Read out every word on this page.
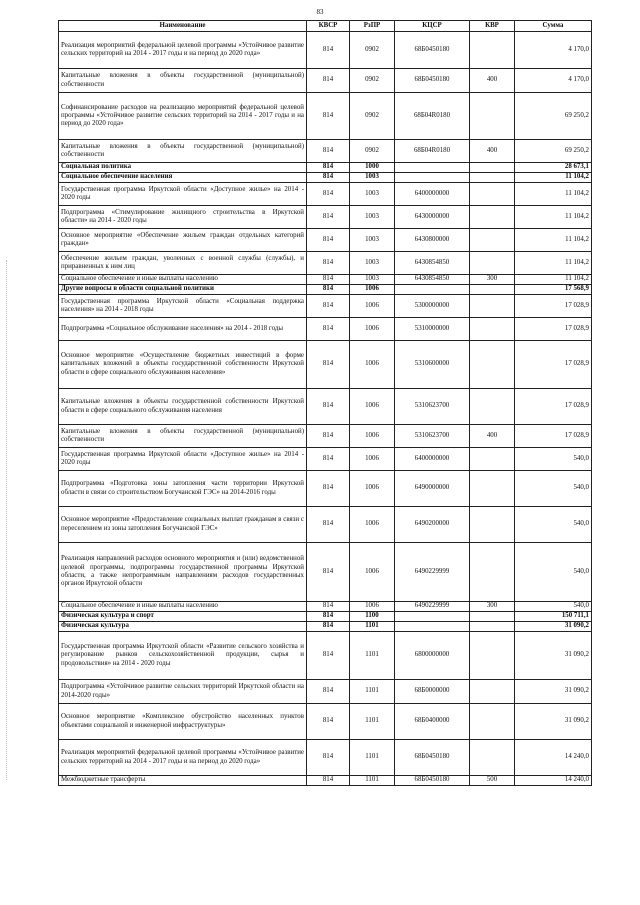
83
Наименование	КВСР	РзПР	КЦСР	КВР	Сумма
Реализация мероприятий федеральной целевой программы «Устойчивое развитие сельских территорий на 2014 - 2017 годы и на период до 2020 года»	814	0902	68Б0450180		4 170,0
Капитальные вложения в объекты государственной (муниципальной) собственности	814	0902	68Б0450180	400	4 170,0
Софинансирование расходов на реализацию мероприятий федеральной целевой программы «Устойчивое развитие сельских территорий на 2014 - 2017 годы и на период до 2020 года»	814	0902	68Б04R0180		69 250,2
Капитальные вложения в объекты государственной (муниципальной) собственности	814	0902	68Б04R0180	400	69 250,2
Социальная политика	814	1000			28 673,1
Социальное обеспечение населения	814	1003			11 104,2
Государственная программа Иркутской области «Доступное жилье» на 2014 - 2020 годы	814	1003	6400000000		11 104,2
Подпрограмма «Стимулирование жилищного строительства в Иркутской области» на 2014 - 2020 годы	814	1003	6430000000		11 104,2
Основное мероприятие «Обеспечение жильем граждан отдельных категорий граждан»	814	1003	6430800000		11 104,2
Обеспечение жильем граждан, уволенных с военной службы (службы), и приравненных к ним лиц	814	1003	6430854850		11 104,2
Социальное обеспечение и иные выплаты населению	814	1003	6430854850	300	11 104,2
Другие вопросы в области социальной политики	814	1006			17 568,9
Государственная программа Иркутской области «Социальная поддержка населения» на 2014 - 2018 годы	814	1006	5300000000		17 028,9
Подпрограмма «Социальное обслуживание населения» на 2014 - 2018 годы	814	1006	5310000000		17 028,9
Основное мероприятие «Осуществление бюджетных инвестиций в форме капитальных вложений в объекты государственной собственности Иркутской области в сфере социального обслуживания населения»	814	1006	5310600000		17 028,9
Капитальные вложения в объекты государственной собственности Иркутской области в сфере социального обслуживания населения	814	1006	5310623700		17 028,9
Капитальные вложения в объекты государственной (муниципальной) собственности	814	1006	5310623700	400	17 028,9
Государственная программа Иркутской области «Доступное жилье» на 2014 - 2020 годы	814	1006	6400000000		540,0
Подпрограмма «Подготовка зоны затопления части территории Иркутской области в связи со строительством Богучанской ГЭС» на 2014-2016 годы	814	1006	6490000000		540,0
Основное мероприятие «Предоставление социальных выплат гражданам в связи с переселением из зоны затопления Богучанской ГЭС»	814	1006	6490200000		540,0
Реализация направлений расходов основного мероприятия и (или) ведомственной целевой программы, подпрограммы государственной программы Иркутской области, а также непрограммным направлениям расходов государственных органов Иркутской области	814	1006	6490229999		540,0
Социальное обеспечение и иные выплаты населению	814	1006	6490229999	300	540,0
Физическая культура и спорт	814	1100			150 711,1
Физическая культура	814	1101			31 090,2
Государственная программа Иркутской области «Развитие сельского хозяйства и регулирование рынков сельскохозяйственной продукции, сырья и продовольствия» на 2014 - 2020 годы	814	1101	6800000000		31 090,2
Подпрограмма «Устойчивое развитие сельских территорий Иркутской области на 2014-2020 годы»	814	1101	68Б0000000		31 090,2
Основное мероприятие «Комплексное обустройство населенных пунктов объектами социальной и инженерной инфраструктуры»	814	1101	68Б0400000		31 090,2
Реализация мероприятий федеральной целевой программы «Устойчивое развитие сельских территорий на 2014 - 2017 годы и на период до 2020 года»	814	1101	68Б0450180		14 240,0
Межбюджетные трансферты	814	1101	68Б0450180	500	14 240,0
